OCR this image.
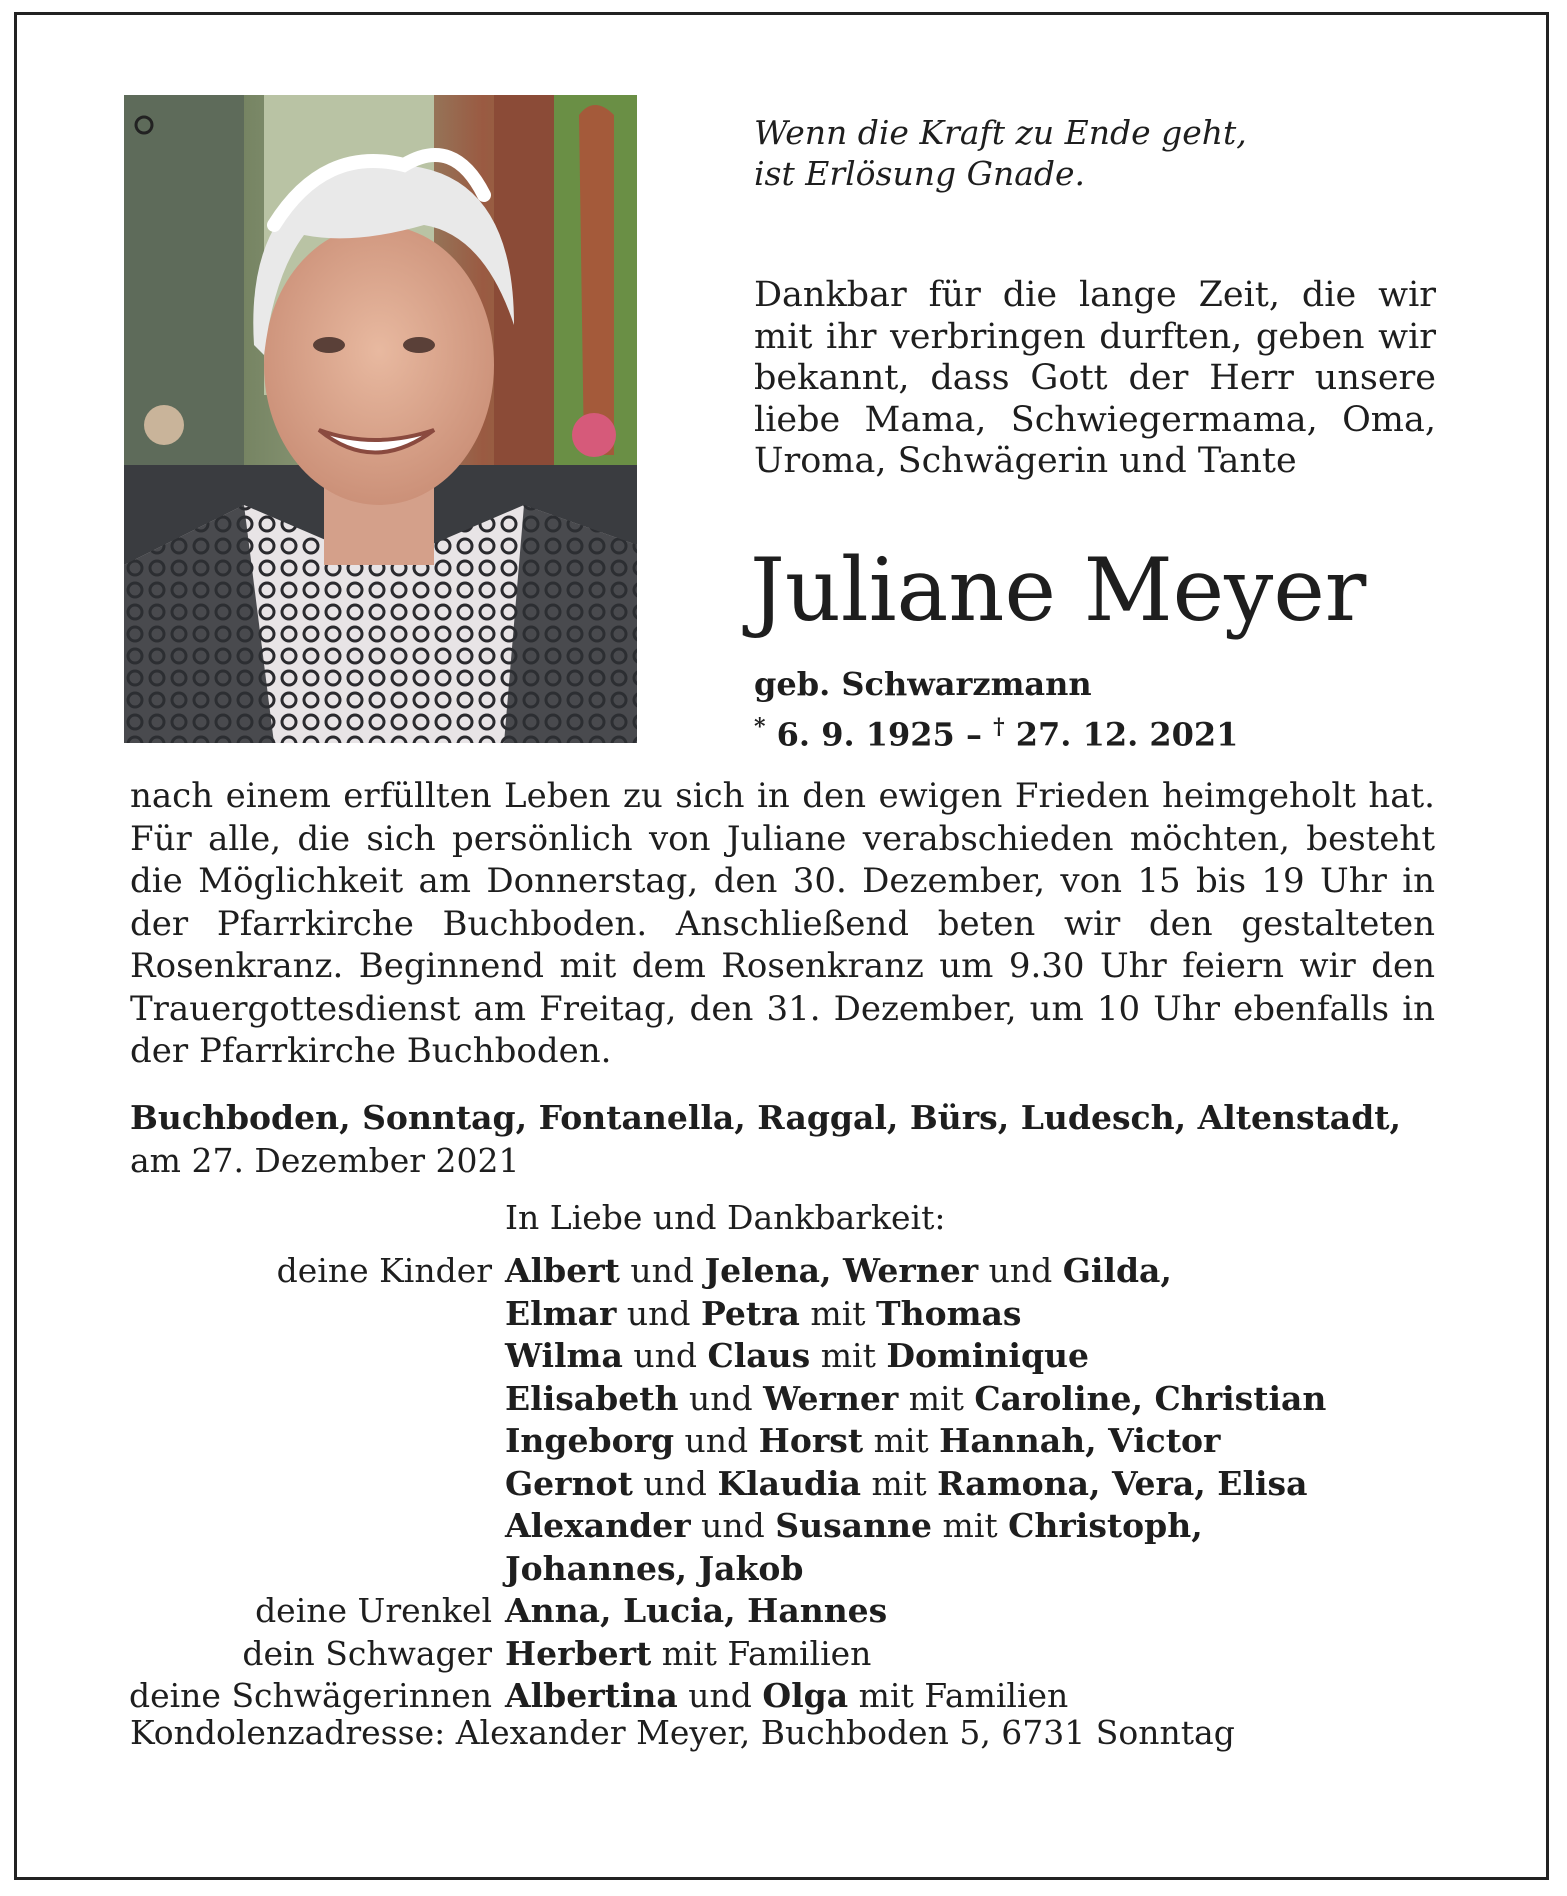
Wenn die Kraft zu Ende geht,
ist Erlösung Gnade.

Dankbar für die lange Zeit, die wir mit ihr verbringen durften, geben wir bekannt, dass Gott der Herr unsere liebe Mama, Schwiegermama, Oma, Uroma, Schwägerin und Tante

Juliane Meyer
geb. Schwarzmann
* 6. 9. 1925 – † 27. 12. 2021

nach einem erfüllten Leben zu sich in den ewigen Frieden heimgeholt hat. Für alle, die sich persönlich von Juliane verabschieden möchten, besteht die Möglichkeit am Donnerstag, den 30. Dezember, von 15 bis 19 Uhr in der Pfarrkirche Buchboden. Anschließend beten wir den gestalteten Rosenkranz. Beginnend mit dem Rosenkranz um 9.30 Uhr feiern wir den Trauergottesdienst am Freitag, den 31. Dezember, um 10 Uhr ebenfalls in der Pfarrkirche Buchboden.

Buchboden, Sonntag, Fontanella, Raggal, Bürs, Ludesch, Altenstadt,
am 27. Dezember 2021
In Liebe und Dankbarkeit:
deine Kinder Albert und Jelena, Werner und Gilda,
Elmar und Petra mit Thomas
Wilma und Claus mit Dominique
Elisabeth und Werner mit Caroline, Christian
Ingeborg und Horst mit Hannah, Victor
Gernot und Klaudia mit Ramona, Vera, Elisa
Alexander und Susanne mit Christoph,
Johannes, Jakob
deine Urenkel Anna, Lucia, Hannes
dein Schwager Herbert mit Familien
deine Schwägerinnen Albertina und Olga mit Familien
Kondolenzadresse: Alexander Meyer, Buchboden 5, 6731 Sonntag
